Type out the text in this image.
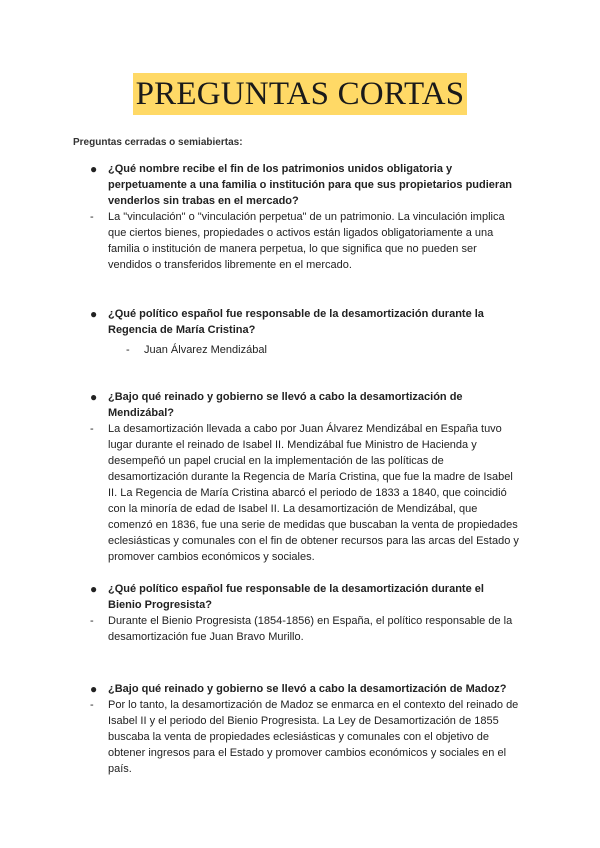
PREGUNTAS CORTAS
Preguntas cerradas o semiabiertas:
● ¿Qué nombre recibe el fin de los patrimonios unidos obligatoria y perpetuamente a una familia o institución para que sus propietarios pudieran venderlos sin trabas en el mercado?
- La "vinculación" o "vinculación perpetua" de un patrimonio. La vinculación implica que ciertos bienes, propiedades o activos están ligados obligatoriamente a una familia o institución de manera perpetua, lo que significa que no pueden ser vendidos o transferidos libremente en el mercado.
● ¿Qué político español fue responsable de la desamortización durante la Regencia de María Cristina?
- Juan Álvarez Mendizábal
● ¿Bajo qué reinado y gobierno se llevó a cabo la desamortización de Mendizábal?
- La desamortización llevada a cabo por Juan Álvarez Mendizábal en España tuvo lugar durante el reinado de Isabel II. Mendizábal fue Ministro de Hacienda y desempeñó un papel crucial en la implementación de las políticas de desamortización durante la Regencia de María Cristina, que fue la madre de Isabel II. La Regencia de María Cristina abarcó el periodo de 1833 a 1840, que coincidió con la minoría de edad de Isabel II. La desamortización de Mendizábal, que comenzó en 1836, fue una serie de medidas que buscaban la venta de propiedades eclesiásticas y comunales con el fin de obtener recursos para las arcas del Estado y promover cambios económicos y sociales.
● ¿Qué político español fue responsable de la desamortización durante el Bienio Progresista?
- Durante el Bienio Progresista (1854-1856) en España, el político responsable de la desamortización fue Juan Bravo Murillo.
● ¿Bajo qué reinado y gobierno se llevó a cabo la desamortización de Madoz?
- Por lo tanto, la desamortización de Madoz se enmarca en el contexto del reinado de Isabel II y el periodo del Bienio Progresista. La Ley de Desamortización de 1855 buscaba la venta de propiedades eclesiásticas y comunales con el objetivo de obtener ingresos para el Estado y promover cambios económicos y sociales en el país.
